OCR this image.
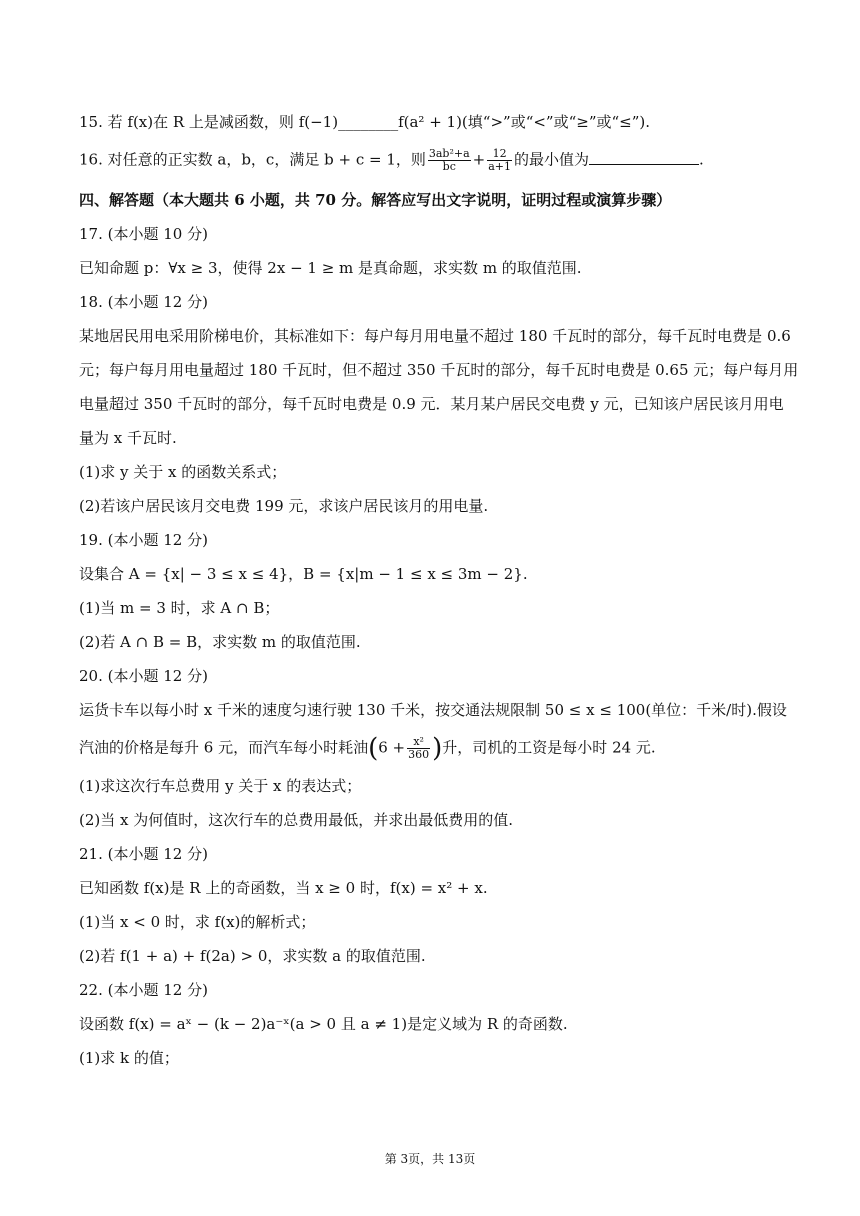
15. 若 f(x)在 R 上是减函数，则 f(−1)________f(a² + 1)(填“>”或“<”或“≥”或“≤”).
16. 对任意的正实数 a，b，c，满足 b + c = 1，则 $\frac{\text{3ab²+a}}{bc} + \frac{12}{a+1}$ 的最小值为	.
四、解答题（本大题共 6 小题，共 70 分。解答应写出文字说明，证明过程或演算步骤）
17. (本小题 10 分)
已知命题 p：∀x ≥ 3，使得 2x − 1 ≥ m 是真命题，求实数 m 的取值范围.
18. (本小题 12 分)
某地居民用电采用阶梯电价，其标准如下：每户每月用电量不超过 180 千瓦时的部分，每千瓦时电费是 0.6
元；每户每月用电量超过 180 千瓦时，但不超过 350 千瓦时的部分，每千瓦时电费是 0.65 元；每户每月用
电量超过 350 千瓦时的部分，每千瓦时电费是 0.9 元．某月某户居民交电费 y 元，已知该户居民该月用电
量为 x 千瓦时.
(1)求 y 关于 x 的函数关系式；
(2)若该户居民该月交电费 199 元，求该户居民该月的用电量.
19. (本小题 12 分)
设集合 A = {x| − 3 ≤ x ≤ 4}，B = {x|m − 1 ≤ x ≤ 3m − 2}.
(1)当 m = 3 时，求 A ∩ B；
(2)若 A ∩ B = B，求实数 m 的取值范围.
20. (本小题 12 分)
运货卡车以每小时 x 千米的速度匀速行驶 130 千米，按交通法规限制 50 ≤ x ≤ 100(单位：千米/时).假设
汽油的价格是每升 6 元，而汽车每小时耗油($6 + \frac{\text{x²}}{360}$ )升，司机的工资是每小时 24 元.
(1)求这次行车总费用 y 关于 x 的表达式；
(2)当 x 为何值时，这次行车的总费用最低，并求出最低费用的值.
21. (本小题 12 分)
已知函数 f(x)是 R 上的奇函数，当 x ≥ 0 时，f(x) = x² + x.
(1)当 x < 0 时，求 f(x)的解析式；
(2)若 f(1 + a) + f(2a) > 0，求实数 a 的取值范围.
22. (本小题 12 分)
设函数 f(x) = aˣ − (k − 2)a⁻ˣ(a > 0 且 a ≠ 1)是定义域为 R 的奇函数.
(1)求 k 的值；
第 3页，共 13页
